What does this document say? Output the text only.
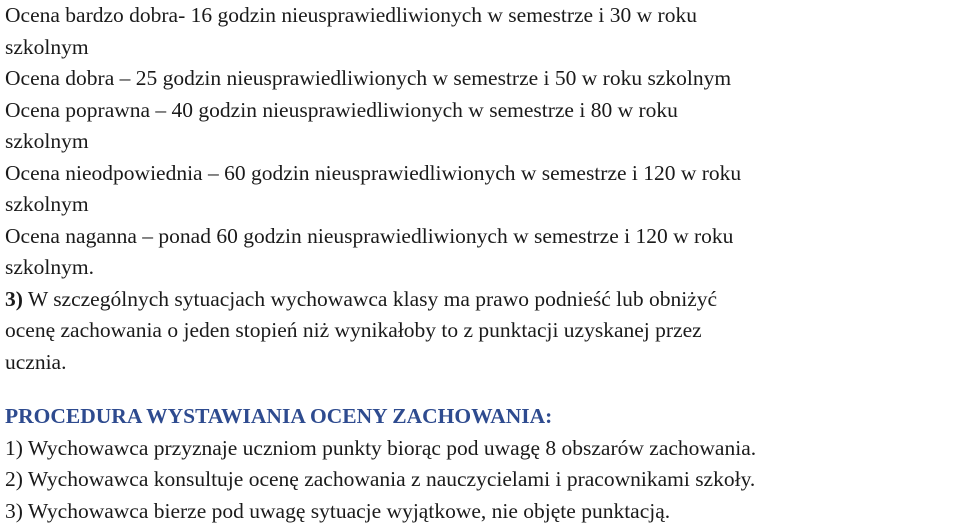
Ocena bardzo dobra- 16 godzin nieusprawiedliwionych w semestrze i 30 w roku
szkolnym
Ocena dobra – 25 godzin nieusprawiedliwionych w semestrze i 50 w roku szkolnym
Ocena poprawna – 40 godzin nieusprawiedliwionych w semestrze i 80 w roku
szkolnym
Ocena nieodpowiednia – 60 godzin nieusprawiedliwionych w semestrze i 120 w roku
szkolnym
Ocena naganna – ponad 60 godzin nieusprawiedliwionych w semestrze i 120 w roku
szkolnym.
3) W szczególnych sytuacjach wychowawca klasy ma prawo podnieść lub obniżyć
ocenę zachowania o jeden stopień niż wynikałoby to z punktacji uzyskanej przez
ucznia.
PROCEDURA WYSTAWIANIA OCENY ZACHOWANIA:
1) Wychowawca przyznaje uczniom punkty biorąc pod uwagę 8 obszarów zachowania.
2) Wychowawca konsultuje ocenę zachowania z nauczycielami i pracownikami szkoły.
3) Wychowawca bierze pod uwagę sytuacje wyjątkowe, nie objęte punktacją.
